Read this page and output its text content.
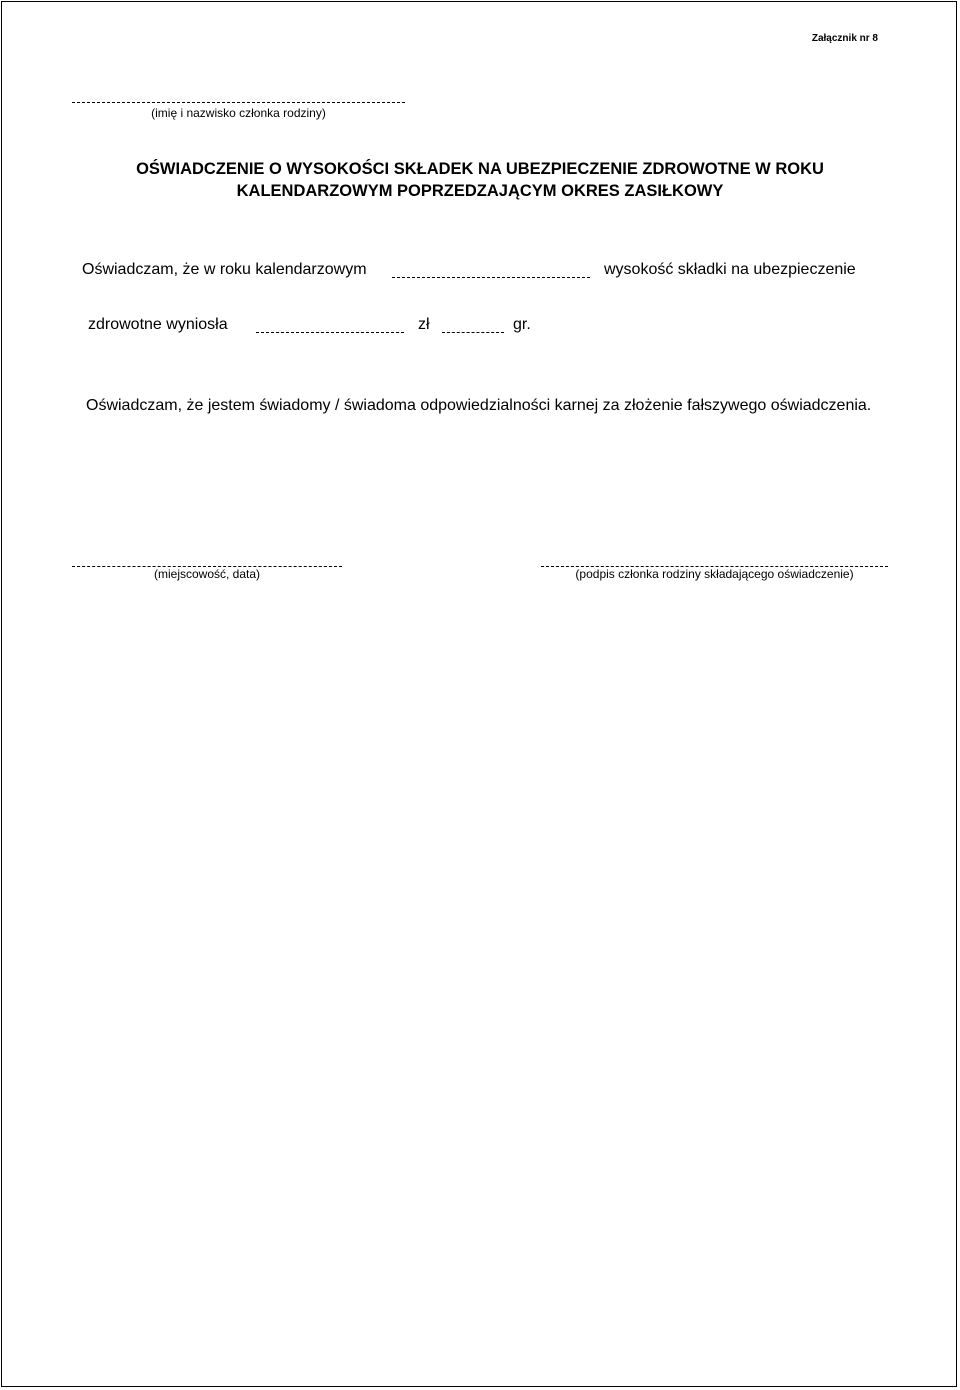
Załącznik nr 8
(imię i nazwisko członka rodziny)
OŚWIADCZENIE O WYSOKOŚCI SKŁADEK NA UBEZPIECZENIE ZDROWOTNE W ROKU
KALENDARZOWYM POPRZEDZAJĄCYM OKRES ZASIŁKOWY
Oświadczam, że w roku kalendarzowym	wysokość składki na ubezpieczenie
zdrowotne wyniosła	zł	gr.
Oświadczam, że jestem świadomy / świadoma odpowiedzialności karnej za złożenie fałszywego oświadczenia.
(miejscowość, data)	(podpis członka rodziny składającego oświadczenie)
